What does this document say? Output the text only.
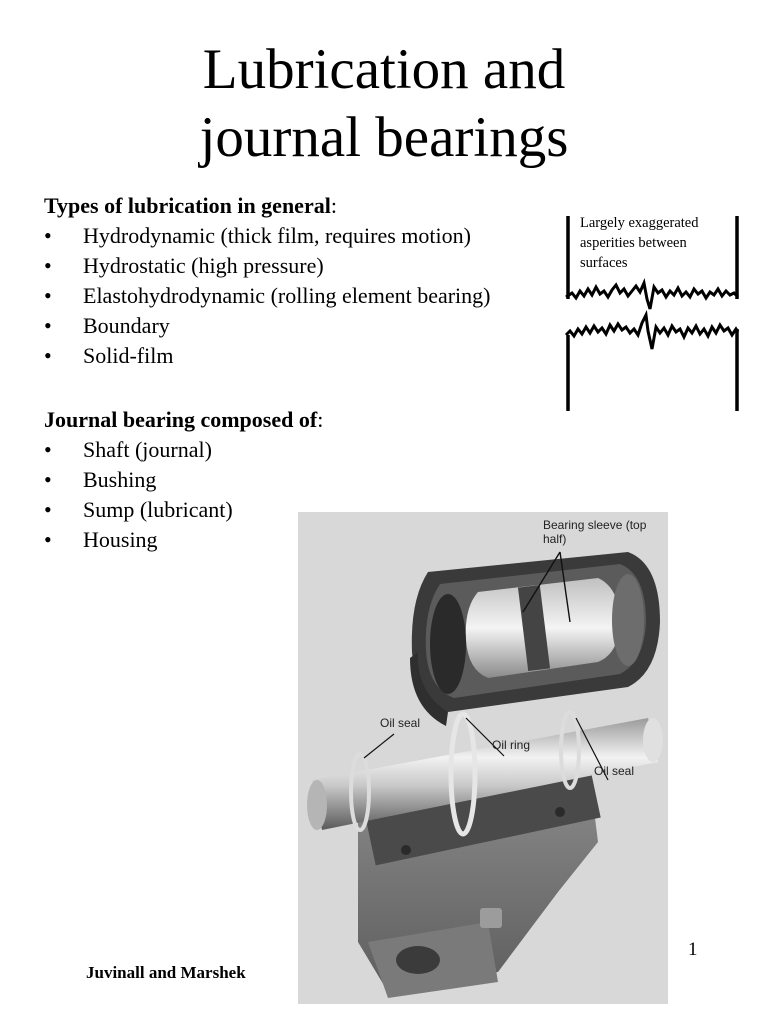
Lubrication and
journal bearings
Types of lubrication in general:
• Hydrodynamic (thick film, requires motion)
• Hydrostatic (high pressure)
• Elastohydrodynamic (rolling element bearing)
• Boundary
• Solid-film
Journal bearing composed of:
• Shaft (journal)
• Bushing
• Sump (lubricant)
• Housing
Largely exaggerated asperities between surfaces
Bearing sleeve (top half)
Oil seal
Oil ring
Oil seal
1
Juvinall and Marshek
